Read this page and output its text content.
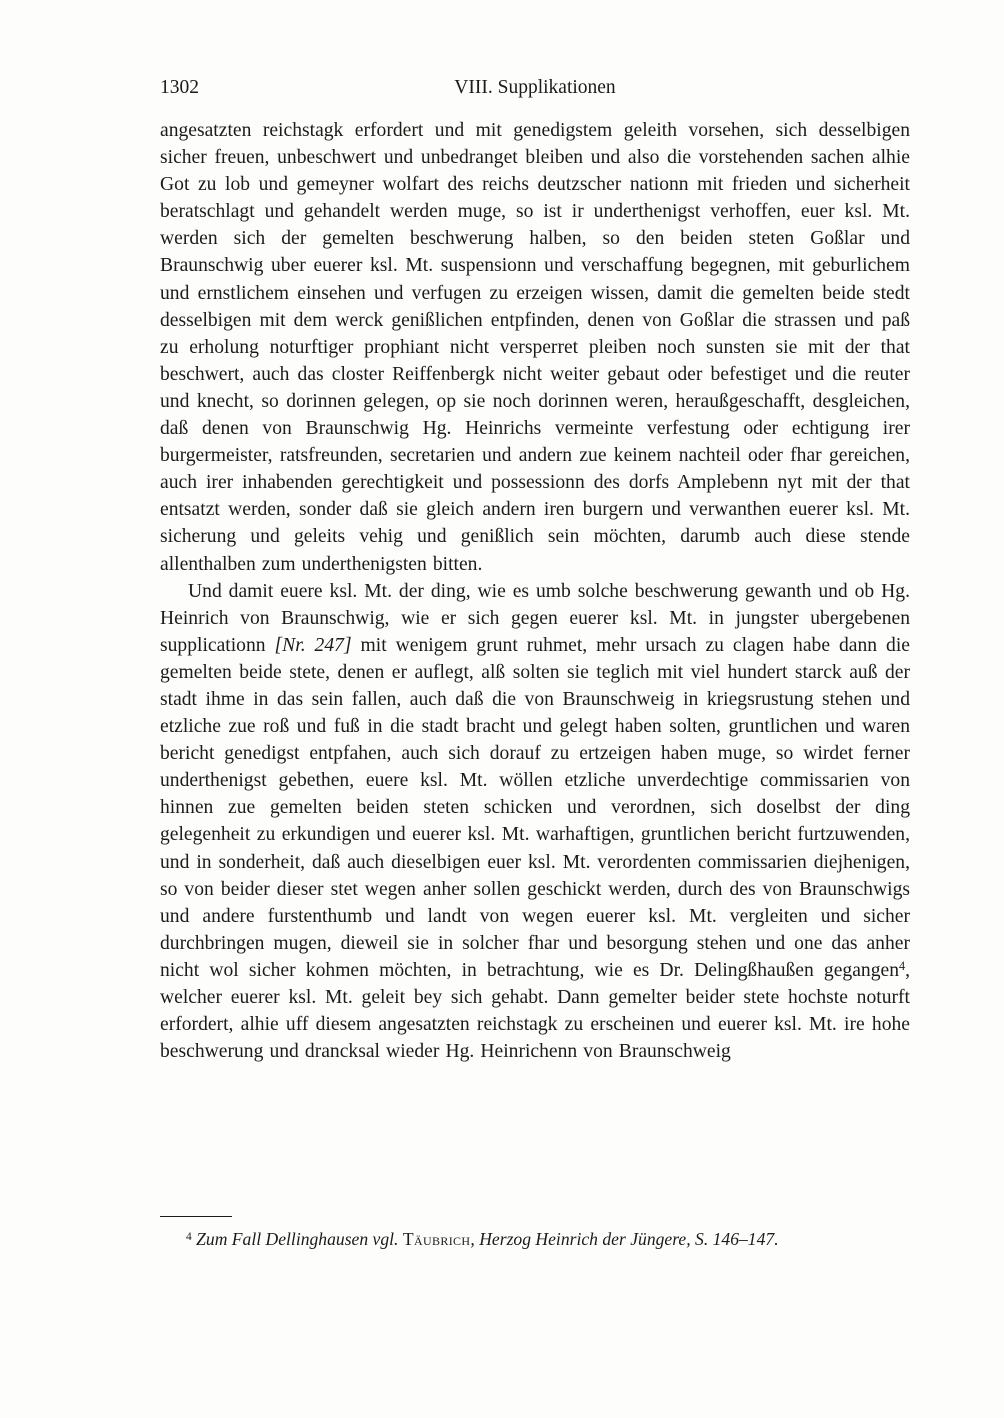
1302	VIII. Supplikationen

angesatzten reichstagk erfordert und mit genedigstem geleith vorsehen, sich desselbigen sicher freuen, unbeschwert und unbedranget bleiben und also die vorstehenden sachen alhie Got zu lob und gemeyner wolfart des reichs deutzscher nationn mit frieden und sicherheit beratschlagt und gehandelt werden muge, so ist ir underthenigst verhoffen, euer ksl. Mt. werden sich der gemelten beschwerung halben, so den beiden steten Goßlar und Braunschwig uber euerer ksl. Mt. suspensionn und verschaffung begegnen, mit geburlichem und ernstlichem einsehen und verfugen zu erzeigen wissen, damit die gemelten beide stedt desselbigen mit dem werck genißlichen entpfinden, denen von Goßlar die strassen und paß zu erholung noturftiger prophiant nicht versperret pleiben noch sunsten sie mit der that beschwert, auch das closter Reiffenbergk nicht weiter gebaut oder befestiget und die reuter und knecht, so dorinnen gelegen, op sie noch dorinnen weren, heraußgeschafft, desgleichen, daß denen von Braunschwig Hg. Heinrichs vermeinte verfestung oder echtigung irer burgermeister, ratsfreunden, secretarien und andern zue keinem nachteil oder fhar gereichen, auch irer inhabenden gerechtigkeit und possessionn des dorfs Amplebenn nyt mit der that entsatzt werden, sonder daß sie gleich andern iren burgern und verwanthen euerer ksl. Mt. sicherung und geleits vehig und genißlich sein möchten, darumb auch diese stende allenthalben zum underthenigsten bitten.

Und damit euere ksl. Mt. der ding, wie es umb solche beschwerung gewanth und ob Hg. Heinrich von Braunschwig, wie er sich gegen euerer ksl. Mt. in jungster ubergebenen supplicationn [Nr. 247] mit wenigem grunt ruhmet, mehr ursach zu clagen habe dann die gemelten beide stete, denen er auflegt, alß solten sie teglich mit viel hundert starck auß der stadt ihme in das sein fallen, auch daß die von Braunschweig in kriegsrustung stehen und etzliche zue roß und fuß in die stadt bracht und gelegt haben solten, gruntlichen und waren bericht genedigst entpfahen, auch sich dorauf zu ertzeigen haben muge, so wirdet ferner underthenigst gebethen, euere ksl. Mt. wöllen etzliche unverdechtige commissarien von hinnen zue gemelten beiden steten schicken und verordnen, sich doselbst der ding gelegenheit zu erkundigen und euerer ksl. Mt. warhaftigen, gruntlichen bericht furtzuwenden, und in sonderheit, daß auch dieselbigen euer ksl. Mt. verordenten commissarien diejhenigen, so von beider dieser stet wegen anher sollen geschickt werden, durch des von Braunschwigs und andere furstenthumb und landt von wegen euerer ksl. Mt. vergleiten und sicher durchbringen mugen, dieweil sie in solcher fhar und besorgung stehen und one das anher nicht wol sicher kohmen möchten, in betrachtung, wie es Dr. Delingßhaußen gegangen$^4$, welcher euerer ksl. Mt. geleit bey sich gehabt. Dann gemelter beider stete hochste noturft erfordert, alhie uff diesem angesatzten reichstagk zu erscheinen und euerer ksl. Mt. ire hohe beschwerung und drancksal wieder Hg. Heinrichenn von Braunschweig

$^4$ Zum Fall Dellinghausen vgl. Täubrich, Herzog Heinrich der Jüngere, S. 146–147.
